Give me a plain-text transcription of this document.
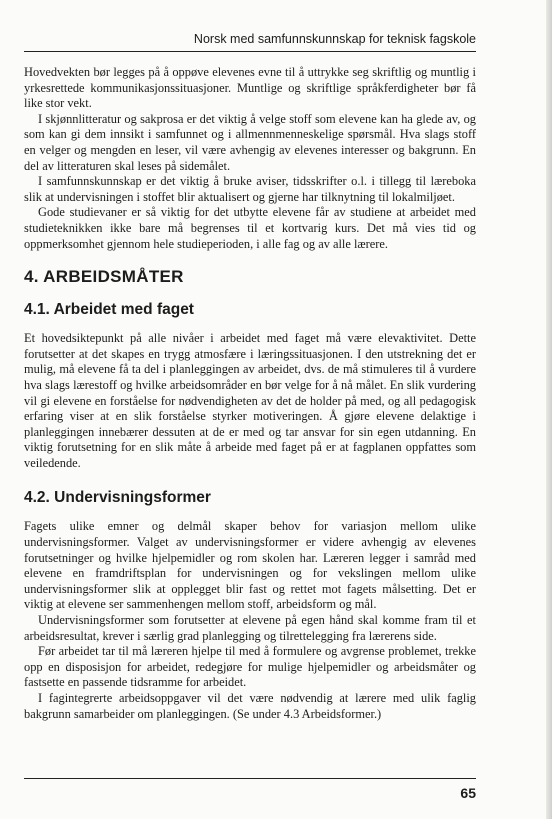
Norsk med samfunnskunnskap for teknisk fagskole

Hovedvekten bør legges på å oppøve elevenes evne til å uttrykke seg skriftlig og muntlig i yrkesrettede kommunikasjonssituasjoner. Muntlige og skriftlige språkferdigheter bør få like stor vekt.

I skjønnlitteratur og sakprosa er det viktig å velge stoff som elevene kan ha glede av, og som kan gi dem innsikt i samfunnet og i allmennmenneskelige spørsmål. Hva slags stoff en velger og mengden en leser, vil være avhengig av elevenes interesser og bakgrunn. En del av litteraturen skal leses på sidemålet.

I samfunnskunnskap er det viktig å bruke aviser, tidsskrifter o.l. i tillegg til læreboka slik at undervisningen i stoffet blir aktualisert og gjerne har tilknytning til lokalmiljøet.

Gode studievaner er så viktig for det utbytte elevene får av studiene at arbeidet med studieteknikken ikke bare må begrenses til et kortvarig kurs. Det må vies tid og oppmerksomhet gjennom hele studieperioden, i alle fag og av alle lærere.

4. ARBEIDSMÅTER
4.1. Arbeidet med faget

Et hovedsiktepunkt på alle nivåer i arbeidet med faget må være elevaktivitet. Dette forutsetter at det skapes en trygg atmosfære i læringssituasjonen. I den utstrekning det er mulig, må elevene få ta del i planleggingen av arbeidet, dvs. de må stimuleres til å vurdere hva slags lærestoff og hvilke arbeidsområder en bør velge for å nå målet. En slik vurdering vil gi elevene en forståelse for nødvendigheten av det de holder på med, og all pedagogisk erfaring viser at en slik forståelse styrker motiveringen. Å gjøre elevene delaktige i planleggingen innebærer dessuten at de er med og tar ansvar for sin egen utdanning. En viktig forutsetning for en slik måte å arbeide med faget på er at fagplanen oppfattes som veiledende.

4.2. Undervisningsformer

Fagets ulike emner og delmål skaper behov for variasjon mellom ulike undervisningsformer. Valget av undervisningsformer er videre avhengig av elevenes forutsetninger og hvilke hjelpemidler og rom skolen har. Læreren legger i samråd med elevene en framdriftsplan for undervisningen og for vekslingen mellom ulike undervisningsformer slik at opplegget blir fast og rettet mot fagets målsetting. Det er viktig at elevene ser sammenhengen mellom stoff, arbeidsform og mål.

Undervisningsformer som forutsetter at elevene på egen hånd skal komme fram til et arbeidsresultat, krever i særlig grad planlegging og tilrettelegging fra lærerens side.

Før arbeidet tar til må læreren hjelpe til med å formulere og avgrense problemet, trekke opp en disposisjon for arbeidet, redegjøre for mulige hjelpemidler og arbeidsmåter og fastsette en passende tidsramme for arbeidet.

I fagintegrerte arbeidsoppgaver vil det være nødvendig at lærere med ulik faglig bakgrunn samarbeider om planleggingen. (Se under 4.3 Arbeidsformer.)

65
